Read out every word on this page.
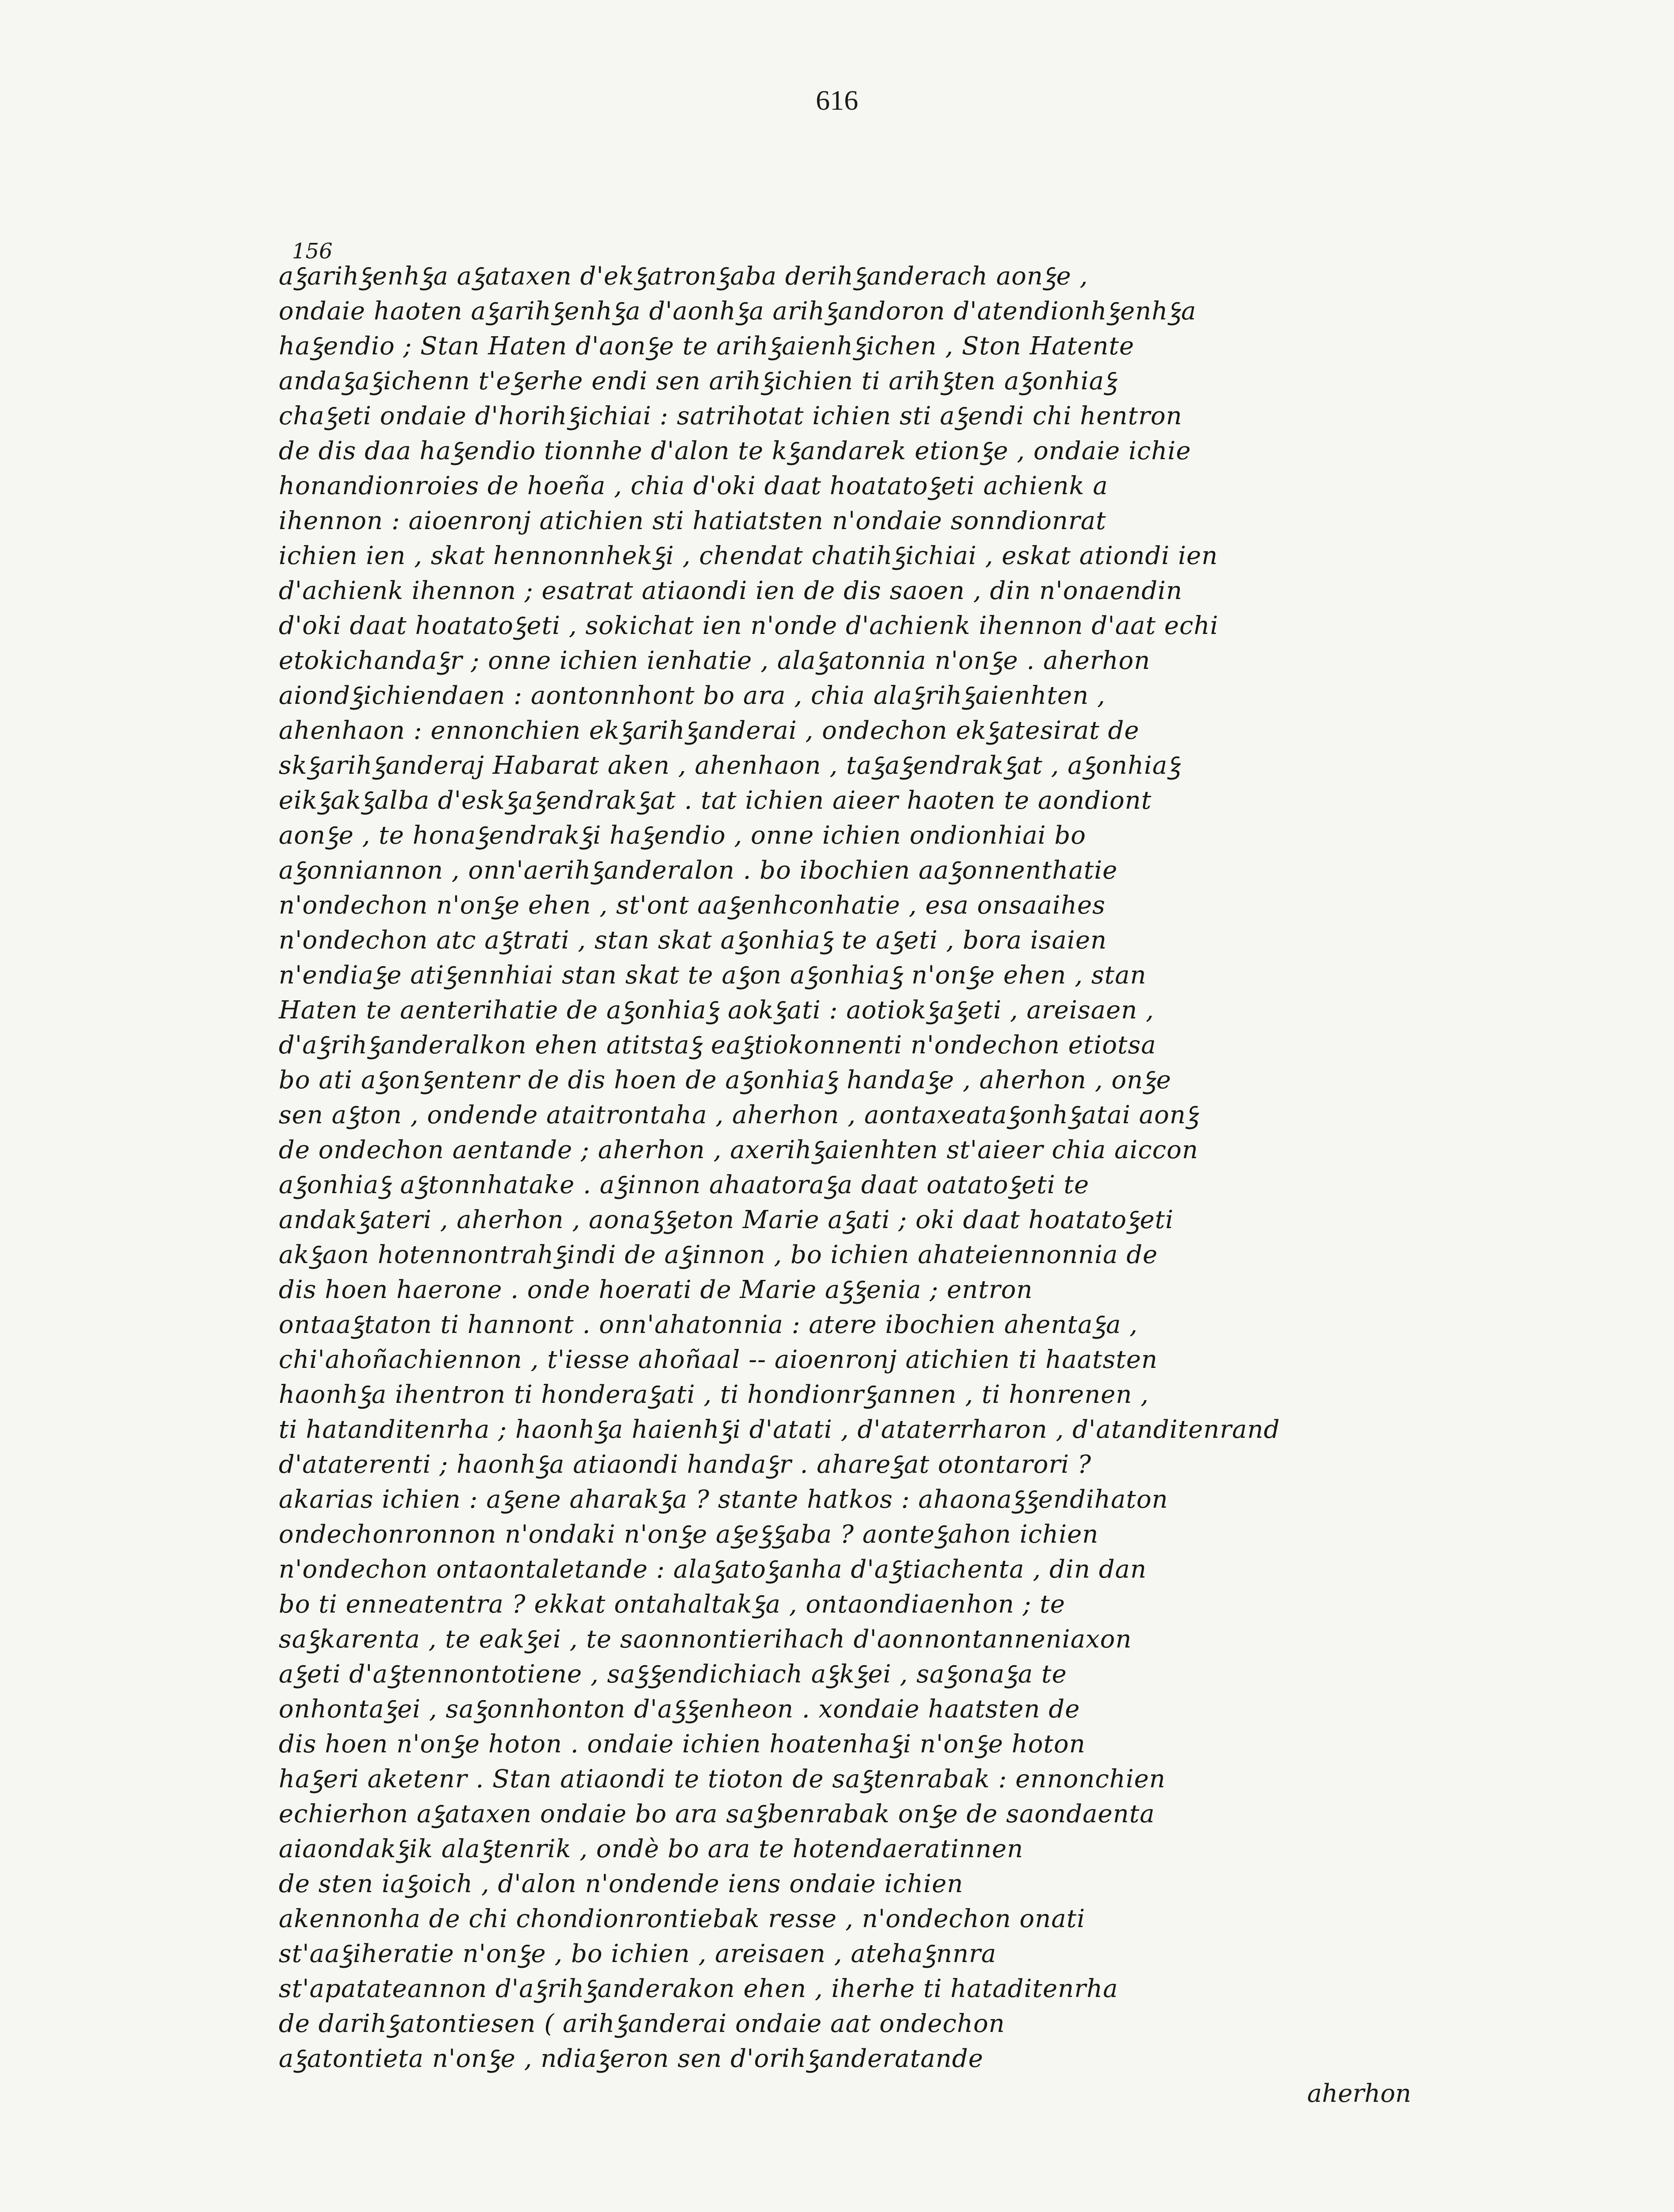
616
156
aherhon
aꝣarihꝣenhꝣa aꝣataxen d'ekꝣatronꝣaba derihꝣanderach aonꝣe ,
ondaie haoten aꝣarihꝣenhꝣa d'aonhꝣa arihꝣandoron d'atendionhꝣenhꝣa
haꝣendio ; Stan Haten d'aonꝣe te arihꝣaienhꝣichen , Ston Hatente
andaꝣaꝣichenn t'eꝣerhe endi sen arihꝣichien ti arihꝣten aꝣonhiaꝣ
chaꝣeti ondaie d'horihꝣichiai : satrihotat ichien sti aꝣendi chi hentron
de dis daa haꝣendio tionnhe d'alon te kꝣandarek etionꝣe , ondaie ichie
honandionroies de hoeña , chia d'oki daat hoatatoꝣeti achienk a
ihennon : aioenronj atichien sti hatiatsten n'ondaie sonndionrat
ichien ien , skat hennonnhekꝣi , chendat chatihꝣichiai , eskat ationdi ien
d'achienk ihennon ; esatrat atiaondi ien de dis saoen , din n'onaendin
d'oki daat hoatatoꝣeti , sokichat ien n'onde d'achienk ihennon d'aat echi
etokichandaꝣr ; onne ichien ienhatie , alaꝣatonnia n'onꝣe . aherhon
aiondꝣichiendaen : aontonnhont bo ara , chia alaꝣrihꝣaienhten ,
ahenhaon : ennonchien ekꝣarihꝣanderai , ondechon ekꝣatesirat de
skꝣarihꝣanderaj Habarat aken , ahenhaon , taꝣaꝣendrakꝣat , aꝣonhiaꝣ
eikꝣakꝣalba d'eskꝣaꝣendrakꝣat . tat ichien aieer haoten te aondiont
aonꝣe , te honaꝣendrakꝣi haꝣendio , onne ichien ondionhiai bo
aꝣonniannon , onn'aerihꝣanderalon . bo ibochien aaꝣonnenthatie
n'ondechon n'onꝣe ehen , st'ont aaꝣenhconhatie , esa onsaaihes
n'ondechon atc aꝣtrati , stan skat aꝣonhiaꝣ te aꝣeti , bora isaien
n'endiaꝣe atiꝣennhiai stan skat te aꝣon aꝣonhiaꝣ n'onꝣe ehen , stan
Haten te aenterihatie de aꝣonhiaꝣ aokꝣati : aotiokꝣaꝣeti , areisaen ,
d'aꝣrihꝣanderalkon ehen atitstaꝣ eaꝣtiokonnenti n'ondechon etiotsa
bo ati aꝣonꝣentenr de dis hoen de aꝣonhiaꝣ handaꝣe , aherhon , onꝣe
sen aꝣton , ondende ataitrontaha , aherhon , aontaxeataꝣonhꝣatai aonꝣ
de ondechon aentande ; aherhon , axerihꝣaienhten st'aieer chia aiccon
aꝣonhiaꝣ aꝣtonnhatake . aꝣinnon ahaatoraꝣa daat oatatoꝣeti te
andakꝣateri , aherhon , aonaꝣꝣeton Marie aꝣati ; oki daat hoatatoꝣeti
akꝣaon hotennontrahꝣindi de aꝣinnon , bo ichien ahateiennonnia de
dis hoen haerone . onde hoerati de Marie aꝣꝣenia ; entron
ontaaꝣtaton ti hannont . onn'ahatonnia : atere ibochien ahentaꝣa ,
chi'ahoñachiennon , t'iesse ahoñaal -- aioenronj atichien ti haatsten
haonhꝣa ihentron ti honderaꝣati , ti hondionrꝣannen , ti honrenen ,
ti hatanditenrha ; haonhꝣa haienhꝣi d'atati , d'ataterrharon , d'atanditenrand
d'ataterenti ; haonhꝣa atiaondi handaꝣr . ahareꝣat otontarori ?
akarias ichien : aꝣene aharakꝣa ? stante hatkos : ahaonaꝣꝣendihaton
ondechonronnon n'ondaki n'onꝣe aꝣeꝣꝣaba ? aonteꝣahon ichien
n'ondechon ontaontaletande : alaꝣatoꝣanha d'aꝣtiachenta , din dan
bo ti enneatentra ? ekkat ontahaltakꝣa , ontaondiaenhon ; te
saꝣkarenta , te eakꝣei , te saonnontierihach d'aonnontanneniaxon
aꝣeti d'aꝣtennontotiene , saꝣꝣendichiach aꝣkꝣei , saꝣonaꝣa te
onhontaꝣei , saꝣonnhonton d'aꝣꝣenheon . xondaie haatsten de
dis hoen n'onꝣe hoton . ondaie ichien hoatenhaꝣi n'onꝣe hoton
haꝣeri aketenr . Stan atiaondi te tioton de saꝣtenrabak : ennonchien
echierhon aꝣataxen ondaie bo ara saꝣbenrabak onꝣe de saondaenta
aiaondakꝣik alaꝣtenrik , ondè bo ara te hotendaeratinnen
de sten iaꝣoich , d'alon n'ondende iens ondaie ichien
akennonha de chi chondionrontiebak resse , n'ondechon onati
st'aaꝣiheratie n'onꝣe , bo ichien , areisaen , atehaꝣnnra
st'apatateannon d'aꝣrihꝣanderakon ehen , iherhe ti hataditenrha
de darihꝣatontiesen ( arihꝣanderai ondaie aat ondechon
aꝣatontieta n'onꝣe , ndiaꝣeron sen d'orihꝣanderatande
